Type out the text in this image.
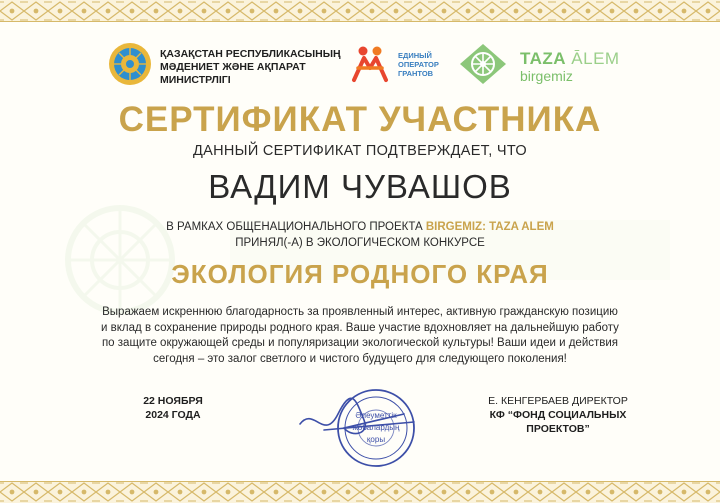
ҚАЗАҚСТАН РЕСПУБЛИКАСЫНЫҢ
МӘДЕНИЕТ ЖӘНЕ АҚПАРАТ МИНИСТРЛІГІ
ЕДИНЫЙ
ОПЕРАТОР
ГРАНТОВ
TAZA ĀLEM
birgemiz
СЕРТИФИКАТ УЧАСТНИКА
ДАННЫЙ СЕРТИФИКАТ ПОДТВЕРЖДАЕТ, ЧТО
ВАДИМ ЧУВАШОВ
В РАМКАХ ОБЩЕНАЦИОНАЛЬНОГО ПРОЕКТА BIRGEMIZ: TAZA ALEM
ПРИНЯЛ(-А) В ЭКОЛОГИЧЕСКОМ КОНКУРСЕ
ЭКОЛОГИЯ РОДНОГО КРАЯ
Выражаем искреннюю благодарность за проявленный интерес, активную гражданскую позицию
и вклад в сохранение природы родного края. Ваше участие вдохновляет на дальнейшую работу
по защите окружающей среды и популяризации экологической культуры! Ваши идеи и действия
сегодня – это залог светлого и чистого будущего для следующего поколения!
22 НОЯБРЯ
2024 ГОДА	Әлеуметтік
жобалардың
қоры
Е. КЕНГЕРБАЕВ ДИРЕКТОР
КФ “ФОНД СОЦИАЛЬНЫХ
ПРОЕКТОВ”
